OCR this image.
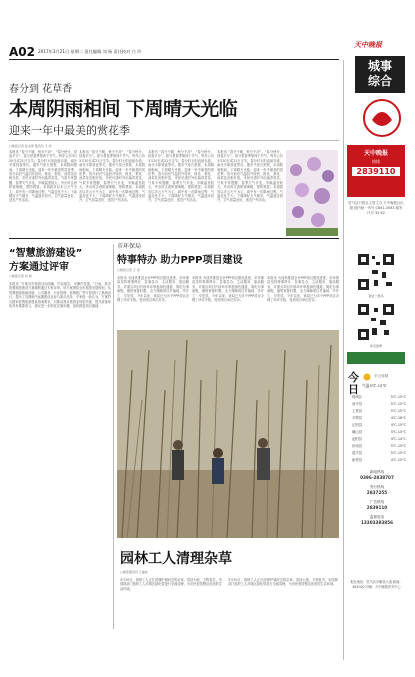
A02 2017年3月21日 星期二 责任编辑 刘 杨 责任校对 白 玲
天中晚报
城事综合
春分到 花草香
本周阴雨相间 下周晴天光临
迎来一年中最美的赏花季
□晚报记者 张永建 通讯员 王 勃
本报讯 “春分不暖，秋分不凉”，“春分秋分，昼夜平分”。春分是春季第四个节气，每年公历3月20日或21日交节。春分时太阳直射赤道，南北半球昼夜等长。据市气象台预报，本周阴雨相间，下周晴天光临，迎来一年中最美的赏花季。春分前后气温回升较快，桃花、梨花、油菜花竞相开放，市民可适时外出踏青赏花。气象专家提醒，春季天气多变，早晚温差较大，外出时注意防寒保暖，预防感冒。本周我市以多云天气为主，周中有一次降雨过程，气温变化不大；下周晴好天气增多，气温逐步回升，空气质量良好，适宜户外活动。
本报讯 “春分不暖，秋分不凉”，“春分秋分，昼夜平分”。春分是春季第四个节气，每年公历3月20日或21日交节。春分时太阳直射赤道，南北半球昼夜等长。据市气象台预报，本周阴雨相间，下周晴天光临，迎来一年中最美的赏花季。春分前后气温回升较快，桃花、梨花、油菜花竞相开放，市民可适时外出踏青赏花。气象专家提醒，春季天气多变，早晚温差较大，外出时注意防寒保暖，预防感冒。本周我市以多云天气为主，周中有一次降雨过程，气温变化不大；下周晴好天气增多，气温逐步回升，空气质量良好，适宜户外活动。
本报讯 “春分不暖，秋分不凉”，“春分秋分，昼夜平分”。春分是春季第四个节气，每年公历3月20日或21日交节。春分时太阳直射赤道，南北半球昼夜等长。据市气象台预报，本周阴雨相间，下周晴天光临，迎来一年中最美的赏花季。春分前后气温回升较快，桃花、梨花、油菜花竞相开放，市民可适时外出踏青赏花。气象专家提醒，春季天气多变，早晚温差较大，外出时注意防寒保暖，预防感冒。本周我市以多云天气为主，周中有一次降雨过程，气温变化不大；下周晴好天气增多，气温逐步回升，空气质量良好，适宜户外活动。
本报讯 “春分不暖，秋分不凉”，“春分秋分，昼夜平分”。春分是春季第四个节气，每年公历3月20日或21日交节。春分时太阳直射赤道，南北半球昼夜等长。据市气象台预报，本周阴雨相间，下周晴天光临，迎来一年中最美的赏花季。春分前后气温回升较快，桃花、梨花、油菜花竞相开放，市民可适时外出踏青赏花。气象专家提醒，春季天气多变，早晚温差较大，外出时注意防寒保暖，预防感冒。本周我市以多云天气为主，周中有一次降雨过程，气温变化不大；下周晴好天气增多，气温逐步回升，空气质量良好，适宜户外活动。
“智慧旅游建设”
方案通过评审
□晚报记者 刘 晓
本报讯 “方案对市旅游目标明确，内容翔实，可操作性强。”日前，我市智慧旅游建设方案顺利通过专家评审。该方案围绕全市旅游发展规划，从智慧旅游基础设施、公共服务、行业管理、营销推广等方面进行了系统设计，提出了近期和中远期建设目标与重点任务。专家组一致认为，方案符合国家智慧旅游建设指南要求，对推动我市旅游业转型升级、提升游客体验具有重要意义，建议进一步细化实施步骤，加快推进项目落地。
市环保局
特事特办 助力PPP项目建设
□晚报记者 王 涛
本报讯 为加快推进全市PPP项目建设进度，市环保局坚持特事特办、急事急办，主动服务、靠前服务，对重点项目开辟环评审批绿色通道，简化办事流程，缩短审批时限，全力保障项目早落地、早开工、早见效。今年以来，该局已为多个PPP项目办理了环评手续，受到项目单位好评。
本报讯 为加快推进全市PPP项目建设进度，市环保局坚持特事特办、急事急办，主动服务、靠前服务，对重点项目开辟环评审批绿色通道，简化办事流程，缩短审批时限，全力保障项目早落地、早开工、早见效。今年以来，该局已为多个PPP项目办理了环评手续，受到项目单位好评。
本报讯 为加快推进全市PPP项目建设进度，市环保局坚持特事特办、急事急办，主动服务、靠前服务，对重点项目开辟环评审批绿色通道，简化办事流程，缩短审批时限，全力保障项目早落地、早开工、早见效。今年以来，该局已为多个PPP项目办理了环评手续，受到项目单位好评。
园林工人清理杂草
□晚报通讯员 王福成
3月20日，园林工人正在清理护城河边的杂草。春回大地，万物复苏，市园林部门组织工人对城区绿化带进行全面清理，为市民营造整洁优美的生活环境。
3月20日，园林工人正在清理护城河边的杂草。春回大地，万物复苏，市园林部门组织工人对城区绿化带进行全面清理，为市民营造整洁优美的生活环境。
天中晚报
热线
2839110
驻马店日报社主管主办 天中晚报社出版 国内统一刊号 CN41-0083 邮发代号 35-62
微信二维码
新浪微博
今日
多云转晴
气温5℃-15℃
驿城区	5℃-15℃
西平县	5℃-15℃
上蔡县	5℃-15℃
平舆县	4℃-16℃
正阳县	4℃-15℃
确山县	5℃-15℃
泌阳县	4℃-14℃
汝南县	5℃-15℃
遂平县	5℃-15℃
新蔡县	4℃-15℃
新闻热线
0396-2838707
发行热线
2837255
广告热线
2839110
监督电话
13303383856
报社地址：驻马店市解放大道 邮编：463000 印刷：天中晚报印务中心
